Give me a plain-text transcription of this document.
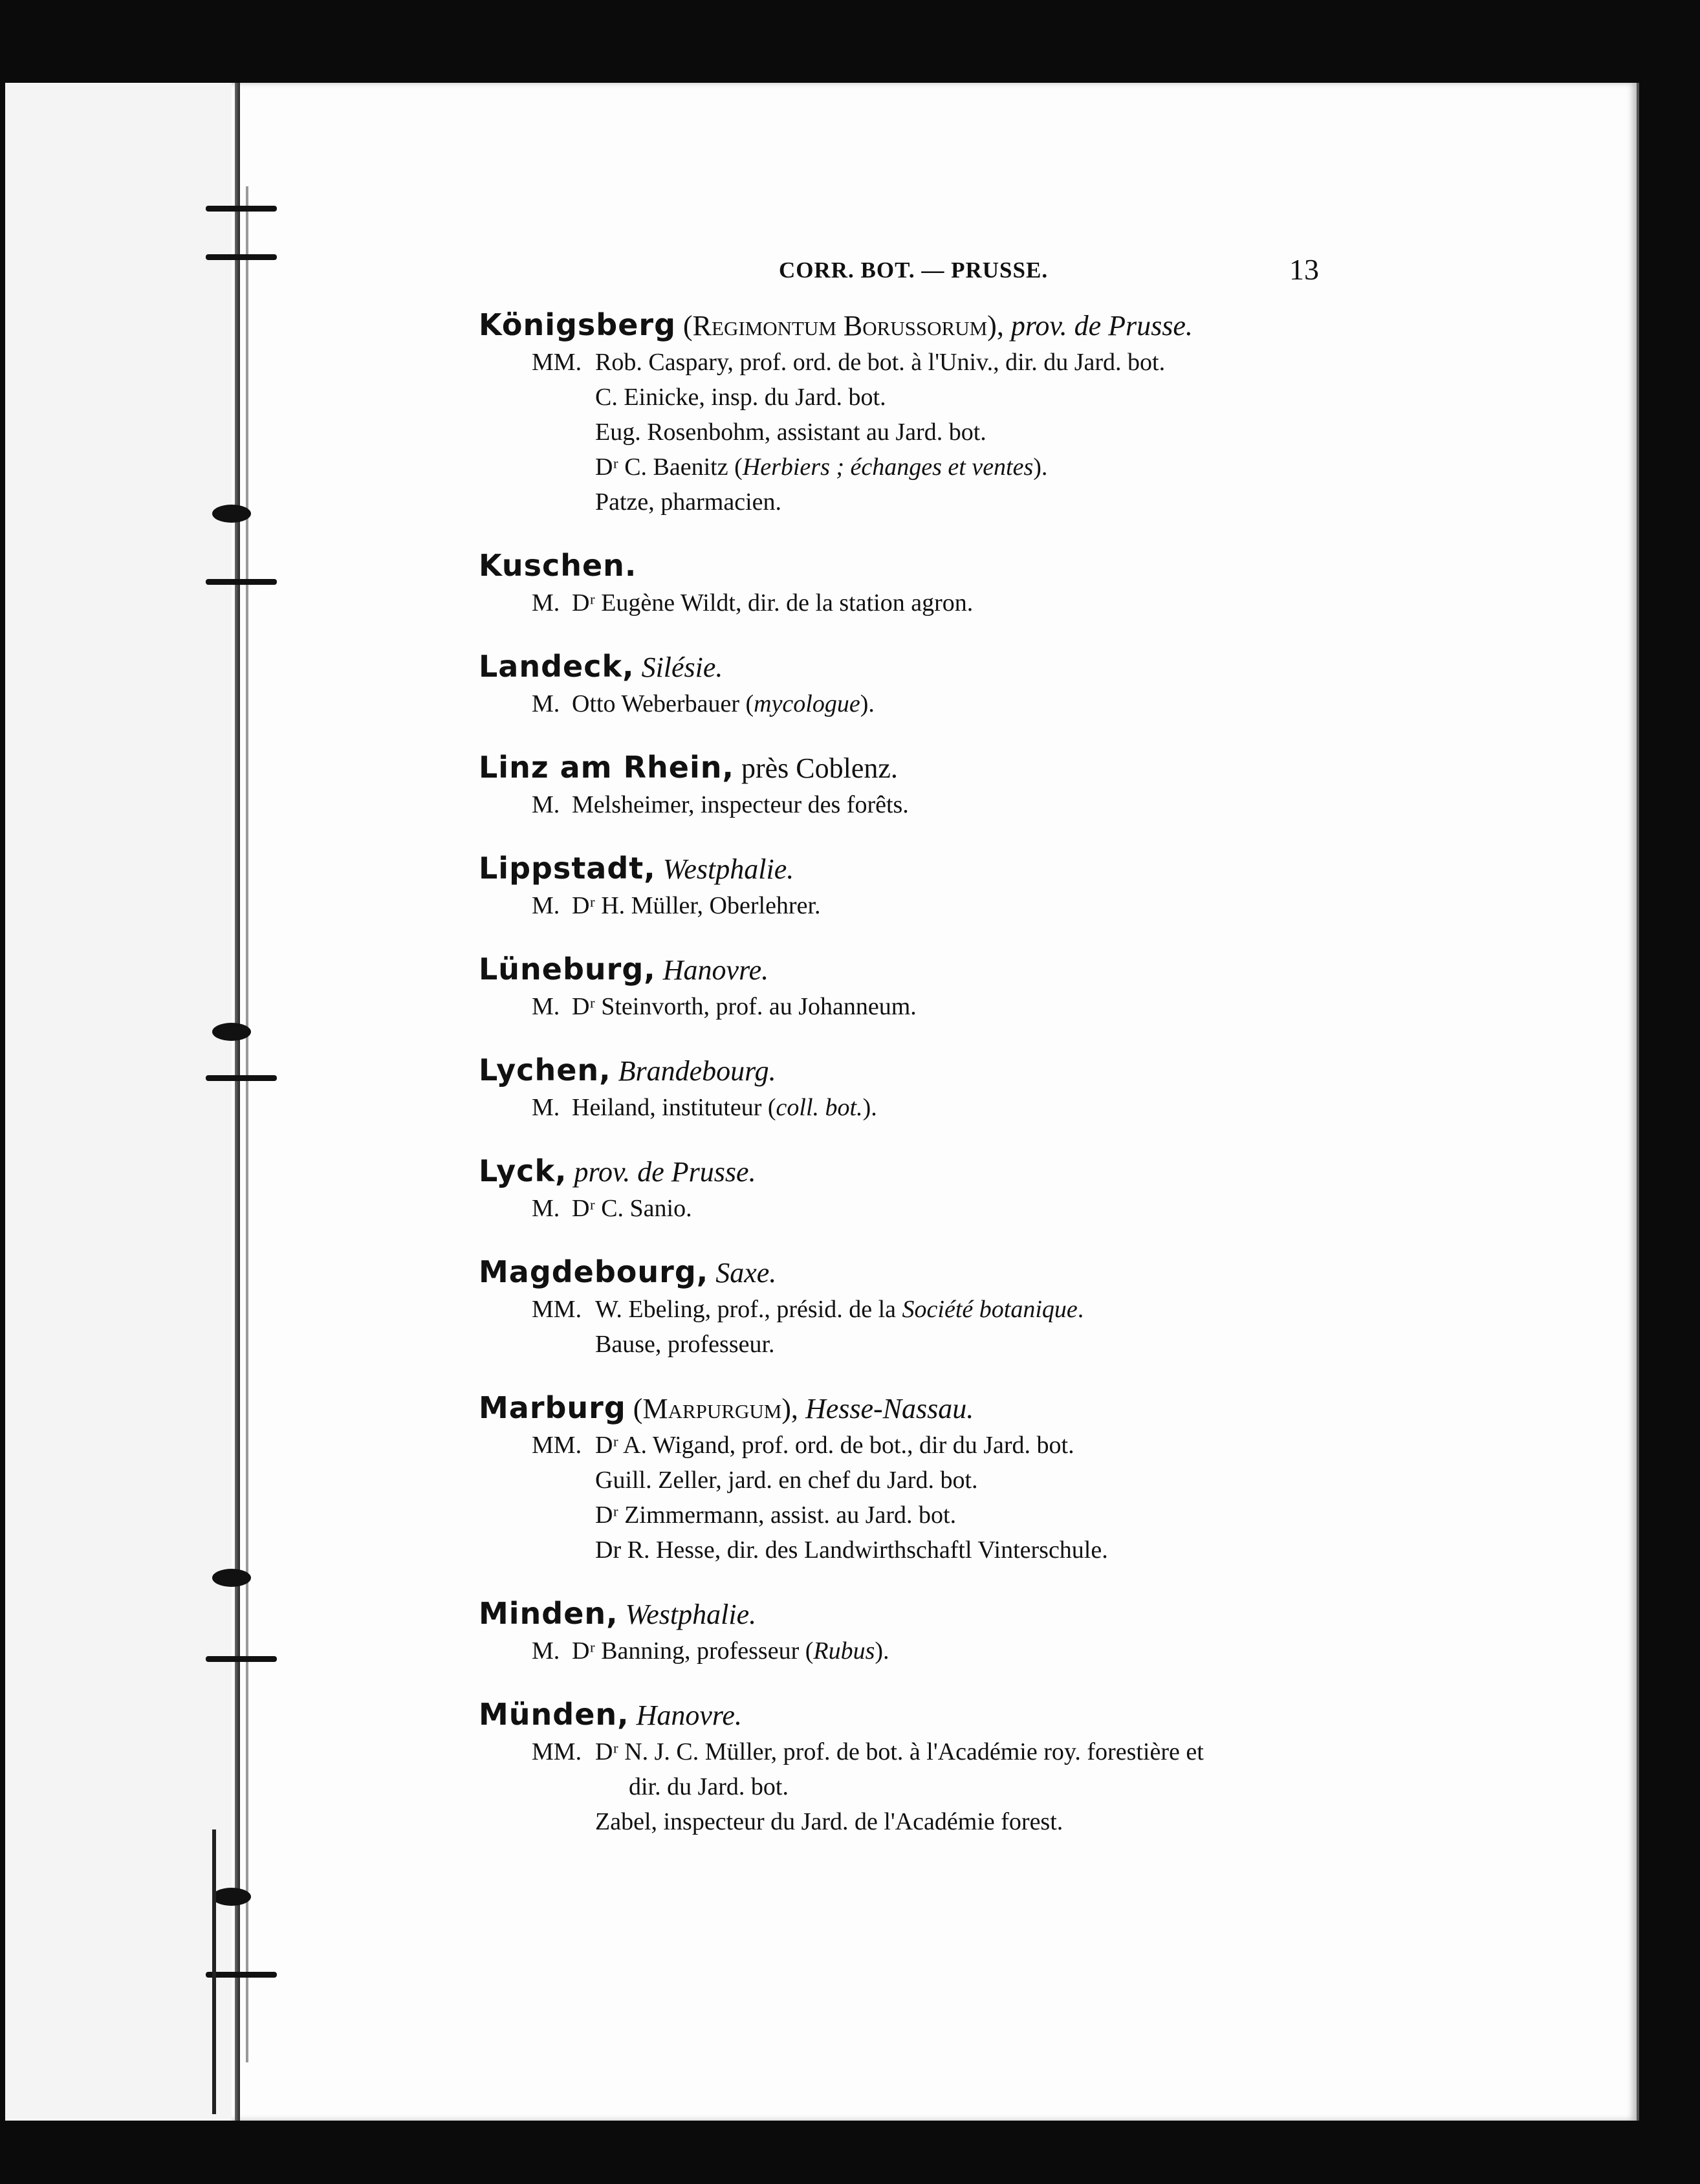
CORR. BOT. — PRUSSE.	13
Königsberg (Regimontum Borussorum), prov. de Prusse.
MM. Rob. Caspary, prof. ord. de bot. à l'Univ., dir. du Jard. bot.
C. Einicke, insp. du Jard. bot.
Eug. Rosenbohm, assistant au Jard. bot.
Dʳ C. Baenitz (Herbiers ; échanges et ventes).
Patze, pharmacien.
Kuschen.
M. Dʳ Eugène Wildt, dir. de la station agron.
Landeck, Silésie.
M. Otto Weberbauer (mycologue).
Linz am Rhein, près Coblenz.
M. Melsheimer, inspecteur des forêts.
Lippstadt, Westphalie.
M. Dʳ H. Müller, Oberlehrer.
Lüneburg, Hanovre.
M. Dʳ Steinvorth, prof. au Johanneum.
Lychen, Brandebourg.
M. Heiland, instituteur (coll. bot.).
Lyck, prov. de Prusse.
M. Dʳ C. Sanio.
Magdebourg, Saxe.
MM. W. Ebeling, prof., présid. de la Société botanique.
Bause, professeur.
Marburg (Marpurgum), Hesse-Nassau.
MM. Dʳ A. Wigand, prof. ord. de bot., dir du Jard. bot.
Guill. Zeller, jard. en chef du Jard. bot.
Dʳ Zimmermann, assist. au Jard. bot.
Dr R. Hesse, dir. des Landwirthschaftl Vinterschule.
Minden, Westphalie.
M. Dʳ Banning, professeur (Rubus).
Münden, Hanovre.
MM. Dʳ N. J. C. Müller, prof. de bot. à l'Académie roy. forestière et
dir. du Jard. bot.
Zabel, inspecteur du Jard. de l'Académie forest.
